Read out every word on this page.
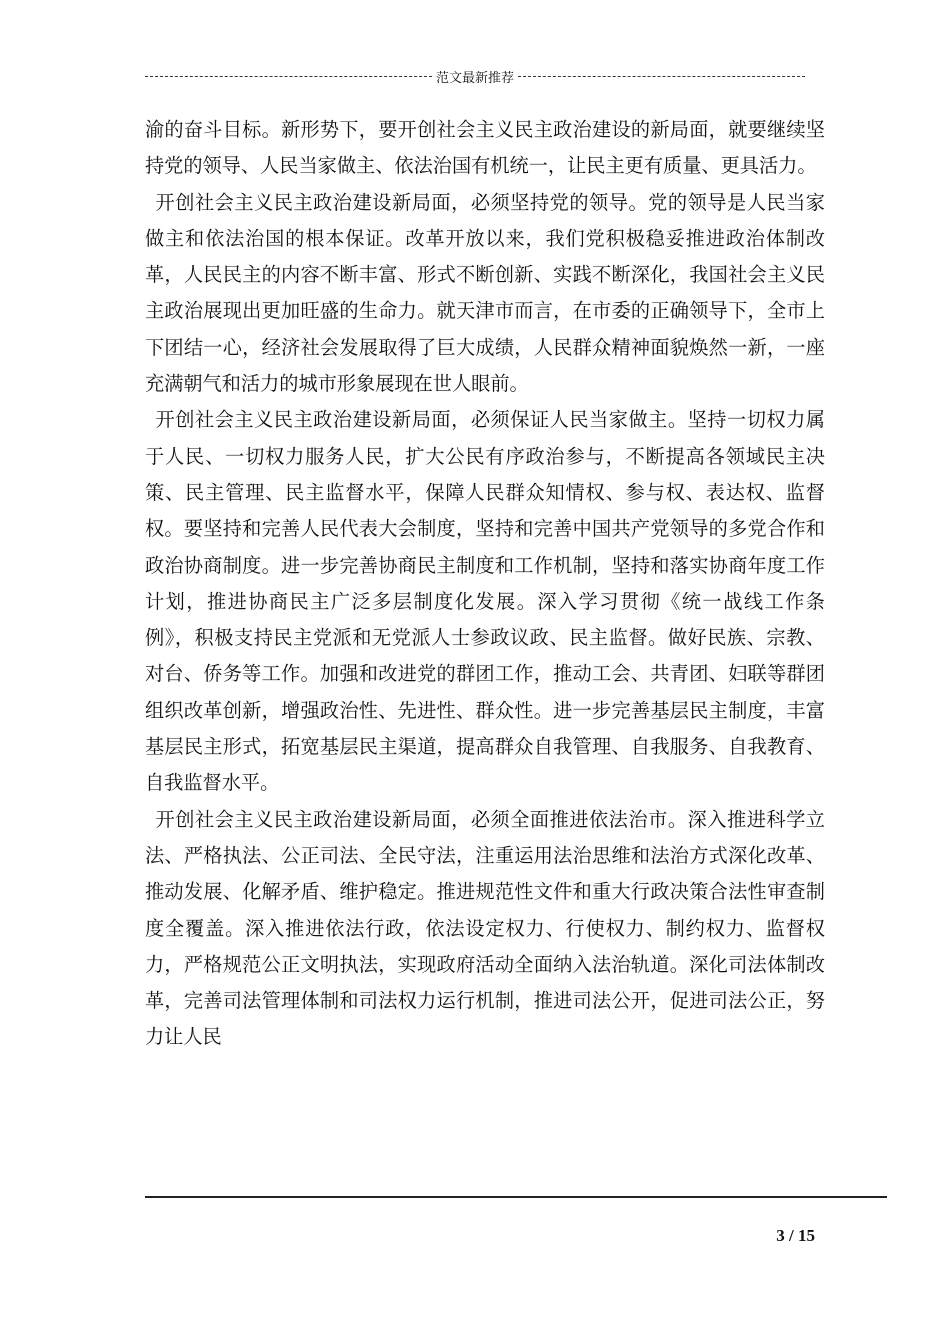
范文最新推荐

渝的奋斗目标。新形势下，要开创社会主义民主政治建设的新局面，就要继续坚持党的领导、人民当家做主、依法治国有机统一，让民主更有质量、更具活力。

开创社会主义民主政治建设新局面，必须坚持党的领导。党的领导是人民当家做主和依法治国的根本保证。改革开放以来，我们党积极稳妥推进政治体制改革，人民民主的内容不断丰富、形式不断创新、实践不断深化，我国社会主义民主政治展现出更加旺盛的生命力。就天津市而言，在市委的正确领导下，全市上下团结一心，经济社会发展取得了巨大成绩，人民群众精神面貌焕然一新，一座充满朝气和活力的城市形象展现在世人眼前。

开创社会主义民主政治建设新局面，必须保证人民当家做主。坚持一切权力属于人民、一切权力服务人民，扩大公民有序政治参与，不断提高各领域民主决策、民主管理、民主监督水平，保障人民群众知情权、参与权、表达权、监督权。要坚持和完善人民代表大会制度，坚持和完善中国共产党领导的多党合作和政治协商制度。进一步完善协商民主制度和工作机制，坚持和落实协商年度工作计划，推进协商民主广泛多层制度化发展。深入学习贯彻《统一战线工作条例》，积极支持民主党派和无党派人士参政议政、民主监督。做好民族、宗教、对台、侨务等工作。加强和改进党的群团工作，推动工会、共青团、妇联等群团组织改革创新，增强政治性、先进性、群众性。进一步完善基层民主制度，丰富基层民主形式，拓宽基层民主渠道，提高群众自我管理、自我服务、自我教育、自我监督水平。

开创社会主义民主政治建设新局面，必须全面推进依法治市。深入推进科学立法、严格执法、公正司法、全民守法，注重运用法治思维和法治方式深化改革、推动发展、化解矛盾、维护稳定。推进规范性文件和重大行政决策合法性审查制度全覆盖。深入推进依法行政，依法设定权力、行使权力、制约权力、监督权力，严格规范公正文明执法，实现政府活动全面纳入法治轨道。深化司法体制改革，完善司法管理体制和司法权力运行机制，推进司法公开，促进司法公正，努力让人民

3 / 15
